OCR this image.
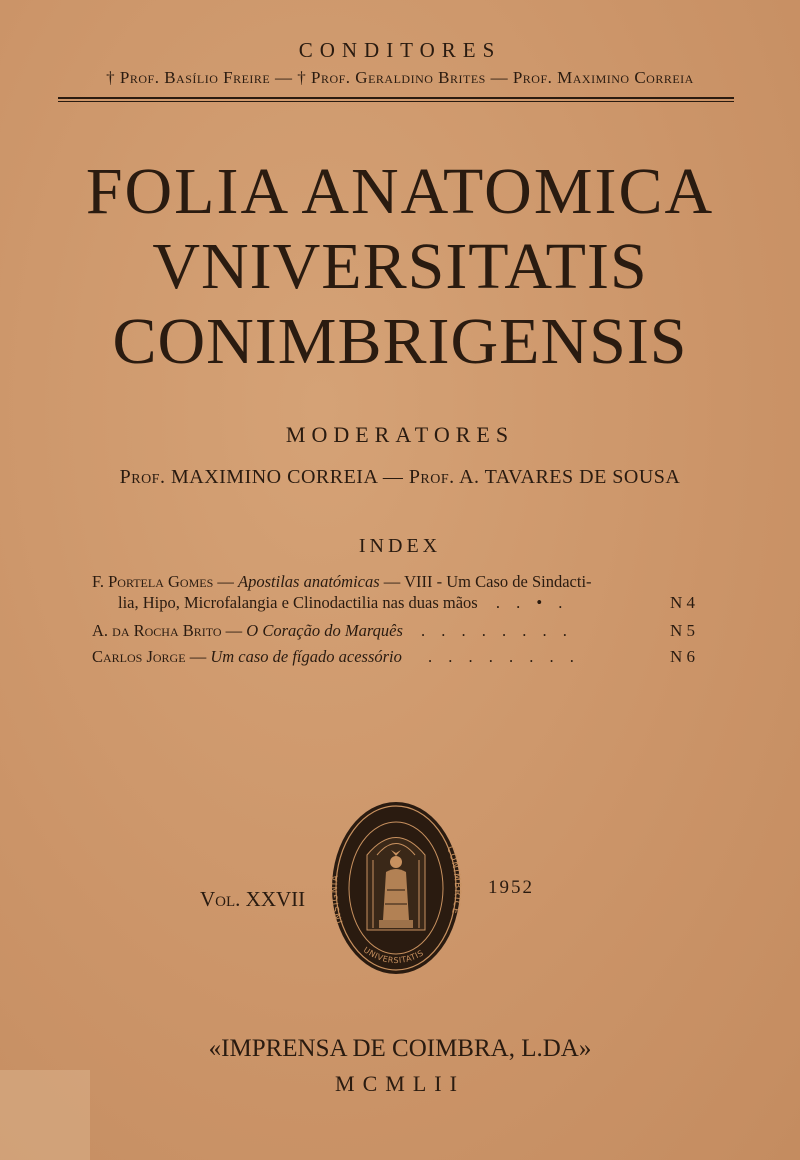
CONDITORES
† Prof. Basílio Freire — † Prof. Geraldino Brites — Prof. Maximino Correia
FOLIA ANATOMICA
VNIVERSITATIS
CONIMBRIGENSIS
MODERATORES
Prof. MAXIMINO CORREIA — Prof. A. TAVARES DE SOUSA
INDEX
F. Portela Gomes — Apostilas anatómicas — VIII - Um Caso de Sindacti-
lia, Hipo, Microfalangia e Clinodactilia nas duas mãos . . • .	N 4
A. da Rocha Brito — O Coração do Marquês . . . . . . . .	N 5
Carlos Jorge — Um caso de fígado acessório . . . . . . . .	N 6
Vol. XXVII	1952
INSIGNIA
CONIMBRICE
UNIVERSITATIS
«IMPRENSA DE COIMBRA, L.DA»
MCMLII
